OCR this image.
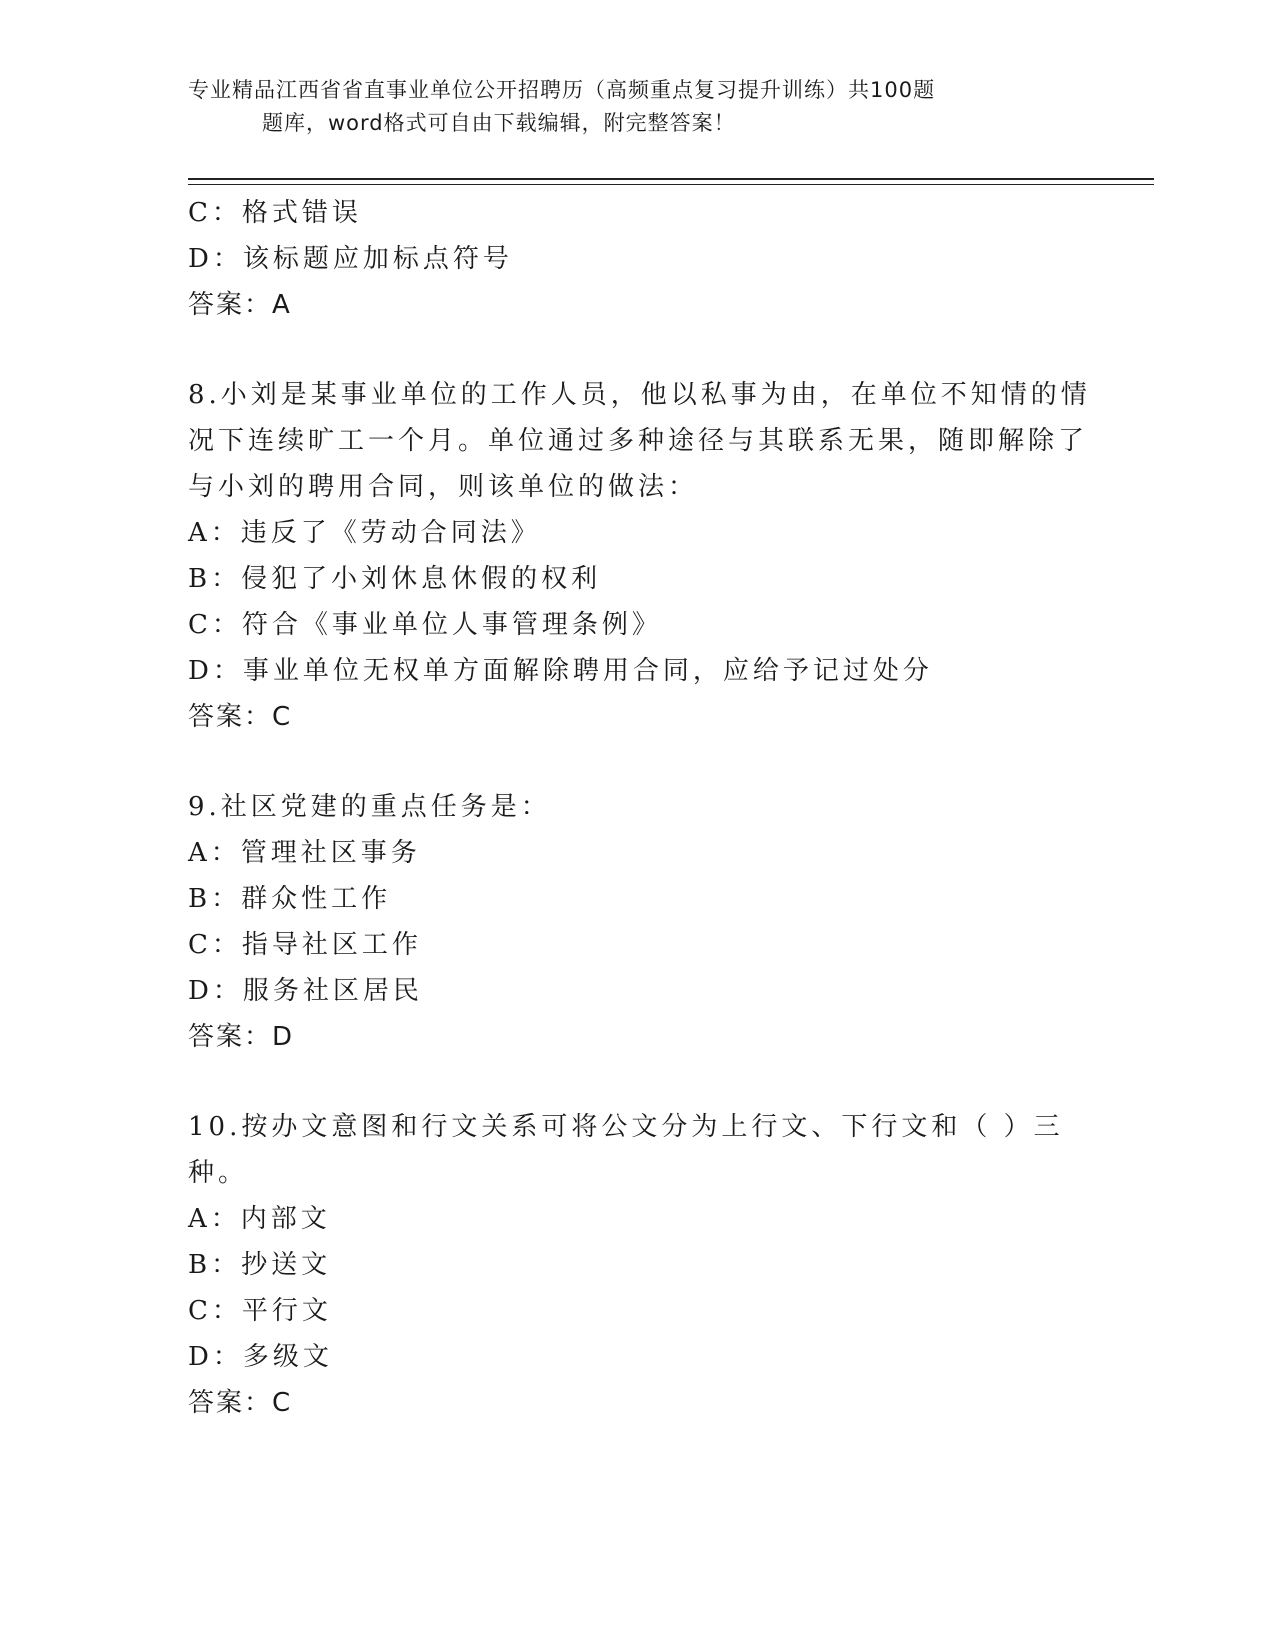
专业精品江西省省直事业单位公开招聘历（高频重点复习提升训练）共100题
题库，word格式可自由下载编辑，附完整答案！
C：格式错误
D：该标题应加标点符号
答案：A
8.小刘是某事业单位的工作人员，他以私事为由，在单位不知情的情
况下连续旷工一个月。单位通过多种途径与其联系无果，随即解除了
与小刘的聘用合同，则该单位的做法：
A：违反了《劳动合同法》
B：侵犯了小刘休息休假的权利
C：符合《事业单位人事管理条例》
D：事业单位无权单方面解除聘用合同，应给予记过处分
答案：C
9.社区党建的重点任务是：
A：管理社区事务
B：群众性工作
C：指导社区工作
D：服务社区居民
答案：D
10.按办文意图和行文关系可将公文分为上行文、下行文和（ ）三
种。
A：内部文
B：抄送文
C：平行文
D：多级文
答案：C
